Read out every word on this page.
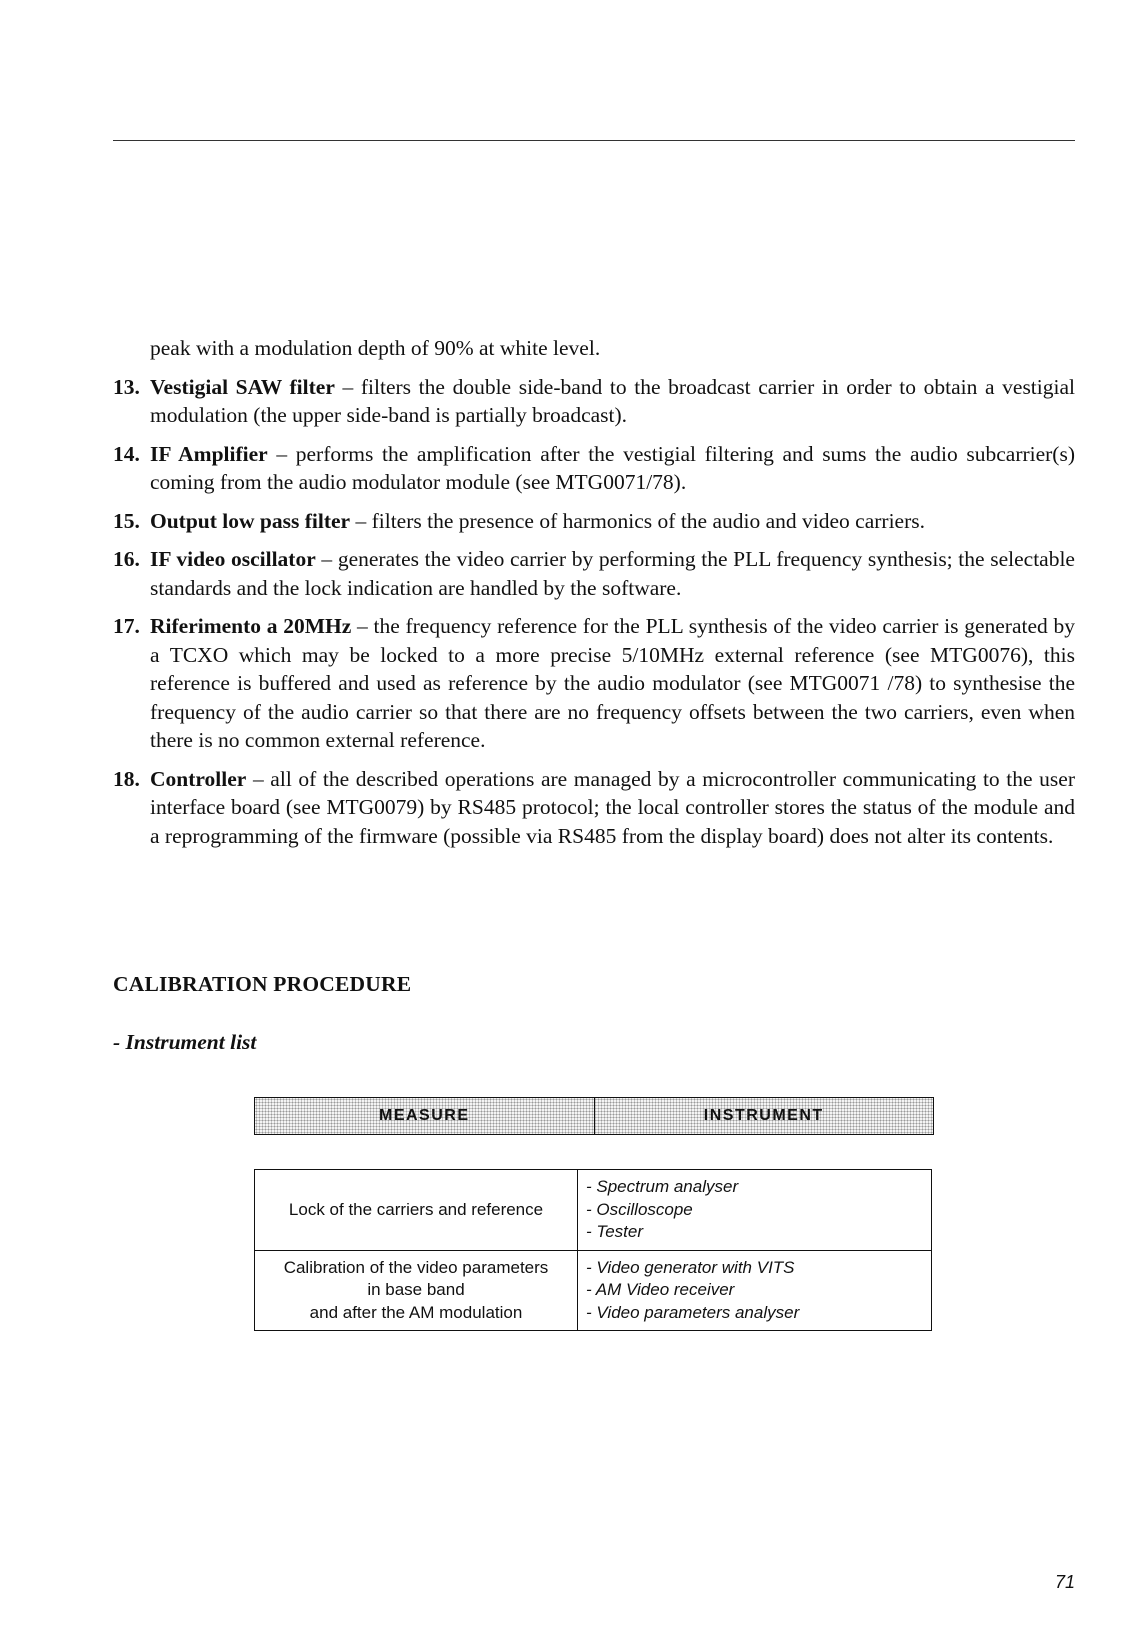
peak with a modulation depth of 90% at white level.

13. Vestigial SAW filter – filters the double side-band to the broadcast carrier in order to obtain a vestigial modulation (the upper side-band is partially broadcast).
14. IF Amplifier – performs the amplification after the vestigial filtering and sums the audio subcarrier(s) coming from the audio modulator module (see MTG0071/78).
15. Output low pass filter – filters the presence of harmonics of the audio and video carriers.
16. IF video oscillator – generates the video carrier by performing the PLL frequency synthesis; the selectable standards and the lock indication are handled by the software.
17. Riferimento a 20MHz – the frequency reference for the PLL synthesis of the video carrier is generated by a TCXO which may be locked to a more precise 5/10MHz external reference (see MTG0076), this reference is buffered and used as reference by the audio modulator (see MTG0071 /78) to synthesise the frequency of the audio carrier so that there are no frequency offsets between the two carriers, even when there is no common external reference.
18. Controller – all of the described operations are managed by a microcontroller communicating to the user interface board (see MTG0079) by RS485 protocol; the local controller stores the status of the module and a reprogramming of the firmware (possible via RS485 from the display board) does not alter its contents.
CALIBRATION PROCEDURE

- Instrument list

MEASURE	INSTRUMENT
Lock of the carriers and reference	- Spectrum analyser
- Oscilloscope
- Tester

Calibration of the video parameters
in base band
and after the AM modulation	- Video generator with VITS
- AM Video receiver
- Video parameters analyser
71
